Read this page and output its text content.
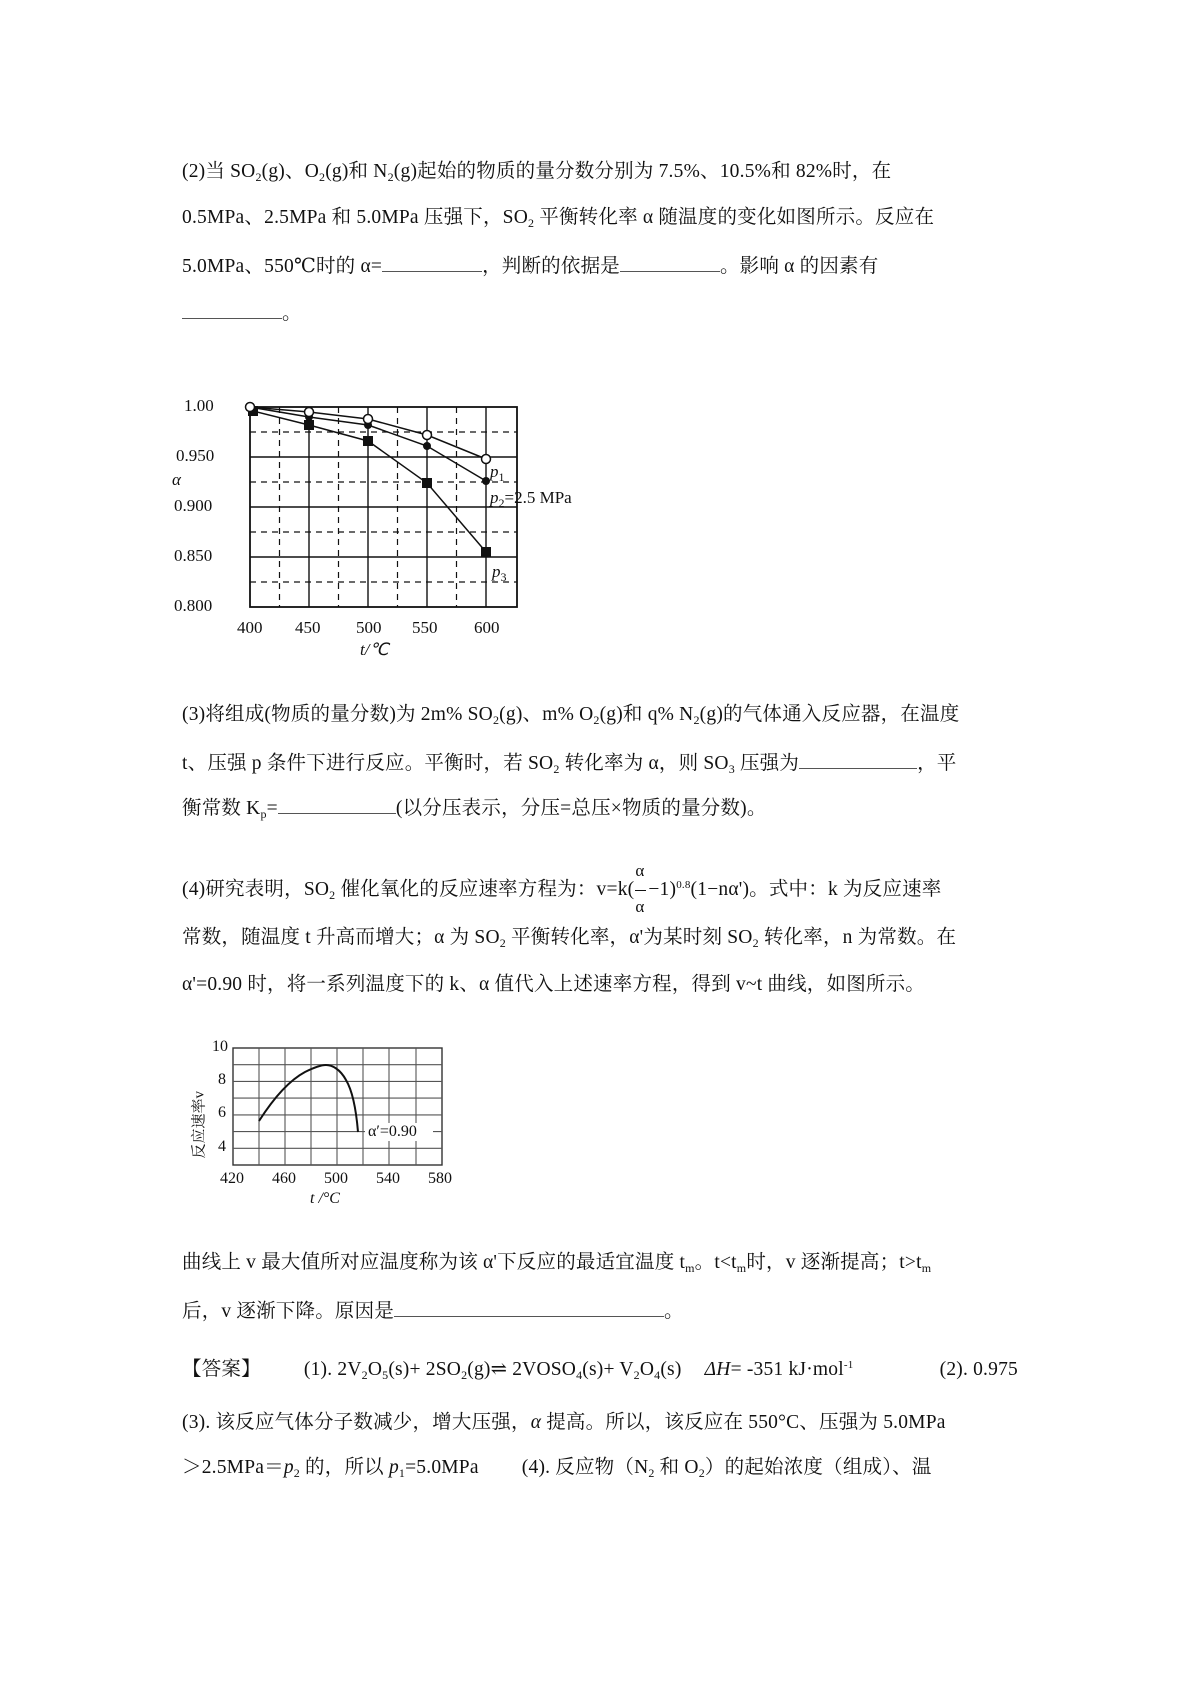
(2)当 $SO_2(g)$、$O_2(g)$和 $N_2(g)$起始的物质的量分数分别为 7.5%、10.5%和 82%时，在
0.5MPa、2.5MPa 和 5.0MPa 压强下，$SO_2$ 平衡转化率 α 随温度的变化如图所示。反应在
5.0MPa、550℃时的 α=	，判断的依据是	。影响 α 的因素有
。
1.00
0.950
0.900
0.850
0.800
α
400 450 500 550 600
t/℃
$p_1$
$p_2=2.5$ MPa
$p_3$
(3)将组成(物质的量分数)为 2m% $SO_2(g)$、m% $O_2(g)$和 q% $N_2(g)$的气体通入反应器，在温度
t、压强 p 条件下进行反应。平衡时，若 $SO_2$ 转化率为 α，则 $SO_3$ 压强为	，平
衡常数 $K_p=$	(以分压表示，分压=总压×物质的量分数)。
(4)研究表明，$SO_2$ 催化氧化的反应速率方程为：$v=k( \frac{\alpha}{\alpha} -1)^{0.8}(1-n\alpha')$。式中：k 为反应速率
常数，随温度 t 升高而增大；α 为 $SO_2$ 平衡转化率，α'为某时刻 $SO_2$ 转化率，n 为常数。在
α'=0.90 时，将一系列温度下的 k、α 值代入上述速率方程，得到 v~t 曲线，如图所示。
10
8
6
4
反应速率v
420 460 500 540 580
t /°C
α′=0.90
曲线上 v 最大值所对应温度称为该 α'下反应的最适宜温度 $t_m$。$t<t_m$时，v 逐渐提高；$t>t_m$
后，v 逐渐下降。原因是	。
【答案】 (1). $2V_2O_5(s)+$ $2SO_2(g)\rightleftharpoons$ $2VOSO_4(s)+ V_2O_4(s)$ ΔH= -351 kJ·mol$^{-1}$	(2). 0.975
(3). 该反应气体分子数减少，增大压强，α 提高。所以，该反应在 550°C、压强为 5.0MPa
$>2.5MPa=p_2$ 的，所以 $p_1=5.0MPa$ (4). 反应物（$N_2$ 和 $O_2$）的起始浓度（组成）、温
